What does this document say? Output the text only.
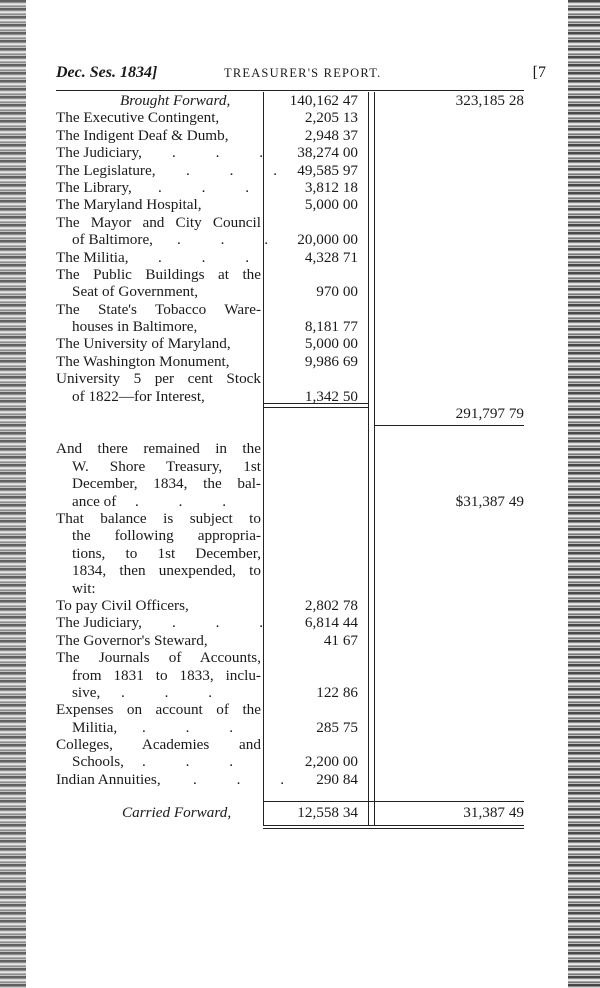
Dec. Ses. 1834]	TREASURER'S REPORT.	[7
Brought Forward,	140,162 47	323,185 28
The Executive Contingent,	2,205 13
The Indigent Deaf & Dumb,	2,948 37
The Judiciary, . . . 38,274 00
The Legislature, . . . 49,585 97
The Library, . . . 3,812 18
The Maryland Hospital,	5,000 00
The Mayor and City Council
of Baltimore, . . . 20,000 00
The Militia, . . . 4,328 71
The Public Buildings at the
Seat of Government,	970 00
The State's Tobacco Ware-
houses in Baltimore,	8,181 77
The University of Maryland,	5,000 00
The Washington Monument,	9,986 69
University 5 per cent Stock
of 1822—for Interest,	1,342 50
291,797 79
And there remained in the
W. Shore Treasury, 1st
December, 1834, the bal-
ance of . . .	$31,387 49
That balance is subject to
the following appropria-
tions, to 1st December,
1834, then unexpended, to
wit:
To pay Civil Officers,	2,802 78
The Judiciary, . . . 6,814 44
The Governor's Steward,	41 67
The Journals of Accounts,
from 1831 to 1833, inclu-
sive, . . .	122 86
Expenses on account of the
Militia, . . .	285 75
Colleges, Academies and
Schools, . . .	2,200 00
Indian Annuities, . . . 290 84
Carried Forward,	12,558 34	31,387 49
